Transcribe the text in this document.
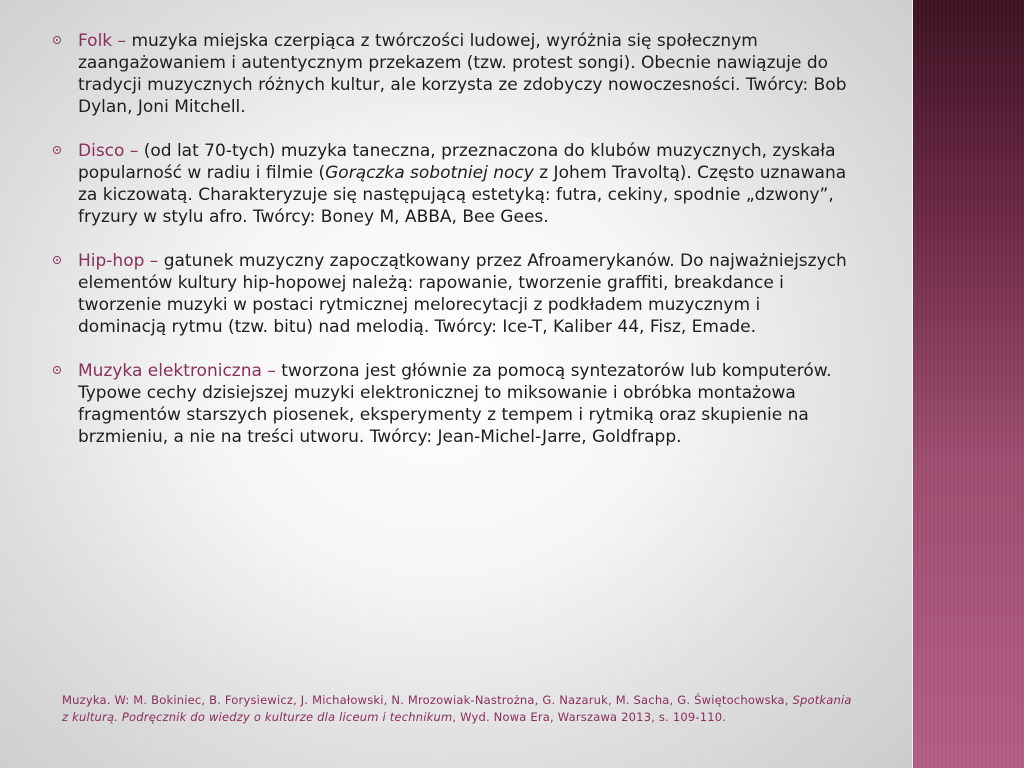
Folk – muzyka miejska czerpiąca z twórczości ludowej, wyróżnia się społecznym zaangażowaniem i autentycznym przekazem (tzw. protest songi). Obecnie nawiązuje do tradycji muzycznych różnych kultur, ale korzysta ze zdobyczy nowoczesności. Twórcy: Bob Dylan, Joni Mitchell.
Disco – (od lat 70-tych) muzyka taneczna, przeznaczona do klubów muzycznych, zyskała popularność w radiu i filmie (Gorączka sobotniej nocy z Johem Travoltą). Często uznawana za kiczowatą. Charakteryzuje się następującą estetyką: futra, cekiny, spodnie „dzwony”, fryzury w stylu afro. Twórcy: Boney M, ABBA, Bee Gees.
Hip-hop – gatunek muzyczny zapoczątkowany przez Afroamerykanów. Do najważniejszych elementów kultury hip-hopowej należą: rapowanie, tworzenie graffiti, breakdance i tworzenie muzyki w postaci rytmicznej melorecytacji z podkładem muzycznym i dominacją rytmu (tzw. bitu) nad melodią. Twórcy: Ice-T, Kaliber 44, Fisz, Emade.
Muzyka elektroniczna – tworzona jest głównie za pomocą syntezatorów lub komputerów. Typowe cechy dzisiejszej muzyki elektronicznej to miksowanie i obróbka montażowa fragmentów starszych piosenek, eksperymenty z tempem i rytmiką oraz skupienie na brzmieniu, a nie na treści utworu. Twórcy: Jean-Michel-Jarre, Goldfrapp.
Muzyka. W: M. Bokiniec, B. Forysiewicz, J. Michałowski, N. Mrozowiak-Nastrożna, G. Nazaruk, M. Sacha, G. Świętochowska, Spotkania z kulturą. Podręcznik do wiedzy o kulturze dla liceum i technikum, Wyd. Nowa Era, Warszawa 2013, s. 109-110.
